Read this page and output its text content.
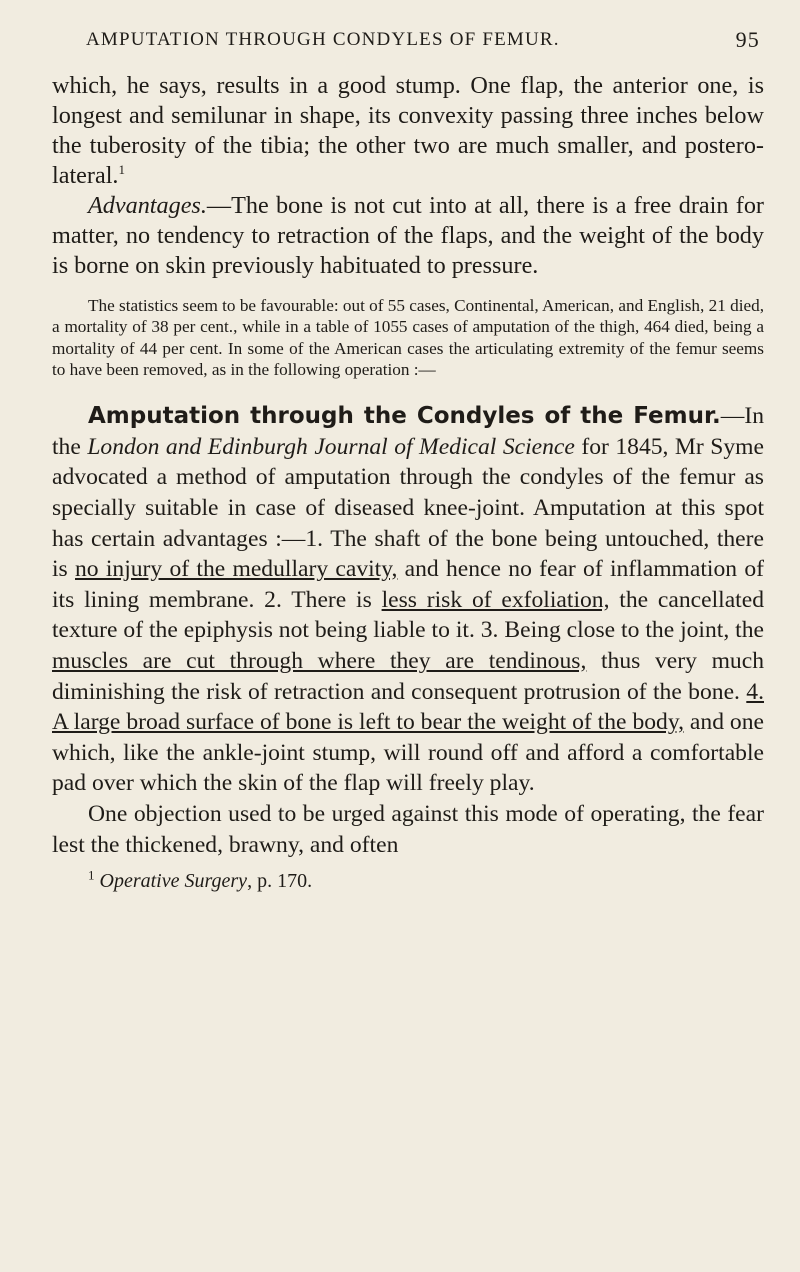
AMPUTATION THROUGH CONDYLES OF FEMUR.	95

which, he says, results in a good stump. One flap, the anterior one, is longest and semilunar in shape, its convexity passing three inches below the tuberosity of the tibia; the other two are much smaller, and postero-lateral.$^1$

Advantages.—The bone is not cut into at all, there is a free drain for matter, no tendency to retraction of the flaps, and the weight of the body is borne on skin previously habituated to pressure.

The statistics seem to be favourable: out of 55 cases, Continental, American, and English, 21 died, a mortality of 38 per cent., while in a table of 1055 cases of amputation of the thigh, 464 died, being a mortality of 44 per cent. In some of the American cases the articulating extremity of the femur seems to have been removed, as in the following operation :—

Amputation through the Condyles of the Femur.—In the London and Edinburgh Journal of Medical Science for 1845, Mr Syme advocated a method of amputation through the condyles of the femur as specially suitable in case of diseased knee-joint. Amputation at this spot has certain advantages :—1. The shaft of the bone being untouched, there is no injury of the medullary cavity, and hence no fear of inflammation of its lining membrane. 2. There is less risk of exfoliation, the cancellated texture of the epiphysis not being liable to it. 3. Being close to the joint, the muscles are cut through where they are tendinous, thus very much diminishing the risk of retraction and consequent protrusion of the bone. 4. A large broad surface of bone is left to bear the weight of the body, and one which, like the ankle-joint stump, will round off and afford a comfortable pad over which the skin of the flap will freely play.

One objection used to be urged against this mode of operating, the fear lest the thickened, brawny, and often

$^1$ Operative Surgery, p. 170.
